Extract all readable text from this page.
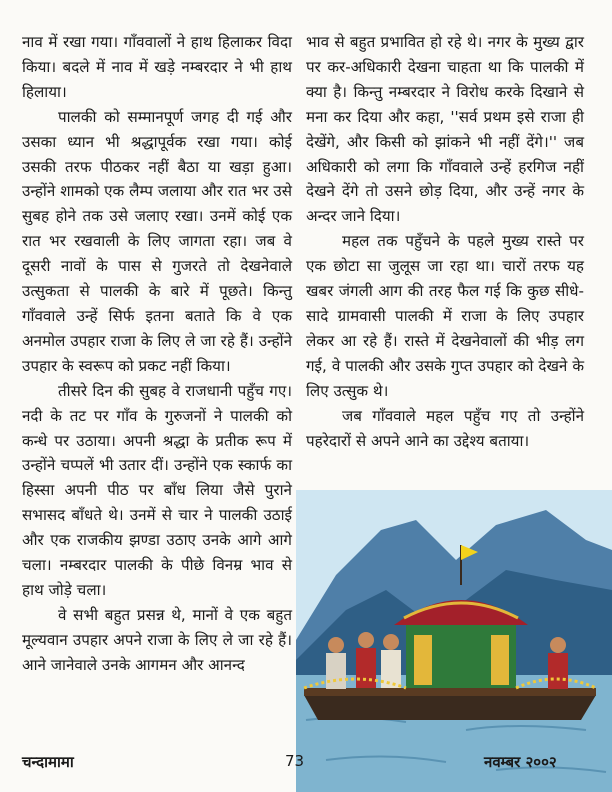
नाव में रखा गया। गाँववालों ने हाथ हिलाकर विदा किया। बदले में नाव में खड़े नम्बरदार ने भी हाथ हिलाया।

पालकी को सम्मानपूर्ण जगह दी गई और उसका ध्यान भी श्रद्धापूर्वक रखा गया। कोई उसकी तरफ पीठकर नहीं बैठा या खड़ा हुआ। उन्होंने शामको एक लैम्प जलाया और रात भर उसे सुबह होने तक उसे जलाए रखा। उनमें कोई एक रात भर रखवाली के लिए जागता रहा। जब वे दूसरी नावों के पास से गुजरते तो देखनेवाले उत्सुकता से पालकी के बारे में पूछते। किन्तु गाँववाले उन्हें सिर्फ इतना बताते कि वे एक अनमोल उपहार राजा के लिए ले जा रहे हैं। उन्होंने उपहार के स्वरूप को प्रकट नहीं किया।

तीसरे दिन की सुबह वे राजधानी पहुँच गए। नदी के तट पर गाँव के गुरुजनों ने पालकी को कन्धे पर उठाया। अपनी श्रद्धा के प्रतीक रूप में उन्होंने चप्पलें भी उतार दीं। उन्होंने एक स्कार्फ का हिस्सा अपनी पीठ पर बाँध लिया जैसे पुराने सभासद बाँधते थे। उनमें से चार ने पालकी उठाई और एक राजकीय झण्डा उठाए उनके आगे आगे चला। नम्बरदार पालकी के पीछे विनम्र भाव से हाथ जोड़े चला।

वे सभी बहुत प्रसन्न थे, मानों वे एक बहुत मूल्यवान उपहार अपने राजा के लिए ले जा रहे हैं। आने जानेवाले उनके आगमन और आनन्द

भाव से बहुत प्रभावित हो रहे थे। नगर के मुख्य द्वार पर कर-अधिकारी देखना चाहता था कि पालकी में क्या है। किन्तु नम्बरदार ने विरोध करके दिखाने से मना कर दिया और कहा, ''सर्व प्रथम इसे राजा ही देखेंगे, और किसी को झांकने भी नहीं देंगे।'' जब अधिकारी को लगा कि गाँववाले उन्हें हरगिज नहीं देखने देंगे तो उसने छोड़ दिया, और उन्हें नगर के अन्दर जाने दिया।

महल तक पहुँचने के पहले मुख्य रास्ते पर एक छोटा सा जुलूस जा रहा था। चारों तरफ यह खबर जंगली आग की तरह फैल गई कि कुछ सीधे-सादे ग्रामवासी पालकी में राजा के लिए उपहार लेकर आ रहे हैं। रास्ते में देखनेवालों की भीड़ लग गई, वे पालकी और उसके गुप्त उपहार को देखने के लिए उत्सुक थे।

जब गाँववाले महल पहुँच गए तो उन्होंने पहरेदारों से अपने आने का उद्देश्य बताया।

चन्दामामा	73	नवम्बर २००२
